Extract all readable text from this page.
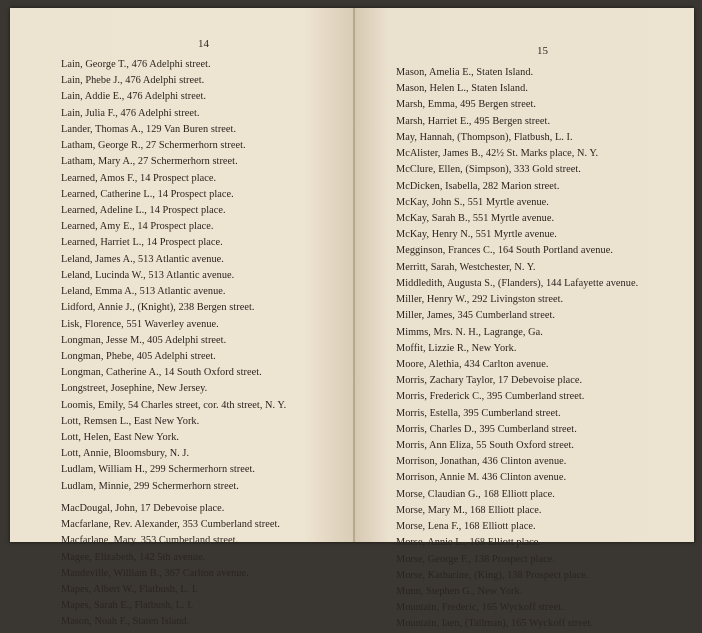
14
Lain, George T., 476 Adelphi street.
Lain, Phebe J., 476 Adelphi street.
Lain, Addie E., 476 Adelphi street.
Lain, Julia F., 476 Adelphi street.
Lander, Thomas A., 129 Van Buren street.
Latham, George R., 27 Schermerhorn street.
Latham, Mary A., 27 Schermerhorn street.
Learned, Amos F., 14 Prospect place.
Learned, Catherine L., 14 Prospect place.
Learned, Adeline L., 14 Prospect place.
Learned, Amy E., 14 Prospect place.
Learned, Harriet L., 14 Prospect place.
Leland, James A., 513 Atlantic avenue.
Leland, Lucinda W., 513 Atlantic avenue.
Leland, Emma A., 513 Atlantic avenue.
Lidford, Annie J., (Knight), 238 Bergen street.
Lisk, Florence, 551 Waverley avenue.
Longman, Jesse M., 405 Adelphi street.
Longman, Phebe, 405 Adelphi street.
Longman, Catherine A., 14 South Oxford street.
Longstreet, Josephine, New Jersey.
Loomis, Emily, 54 Charles street, cor. 4th street, N. Y.
Lott, Remsen L., East New York.
Lott, Helen, East New York.
Lott, Annie, Bloomsbury, N. J.
Ludlam, William H., 299 Schermerhorn street.
Ludlam, Minnie, 299 Schermerhorn street.
MacDougal, John, 17 Debevoise place.
Macfarlane, Rev. Alexander, 353 Cumberland street.
Macfarlane, Mary, 353 Cumberland street.
Magee, Elizabeth, 142 5th avenue.
Mandeville, William B., 367 Carlton avenue.
Mapes, Albert W., Flatbush, L. I.
Mapes, Sarah E., Flatbush, L. I.
Mason, Noah F., Staten Island.
15
Mason, Amelia E., Staten Island.
Mason, Helen L., Staten Island.
Marsh, Emma, 495 Bergen street.
Marsh, Harriet E., 495 Bergen street.
May, Hannah, (Thompson), Flatbush, L. I.
McAlister, James B., 42½ St. Marks place, N. Y.
McClure, Ellen, (Simpson), 333 Gold street.
McDicken, Isabella, 282 Marion street.
McKay, John S., 551 Myrtle avenue.
McKay, Sarah B., 551 Myrtle avenue.
McKay, Henry N., 551 Myrtle avenue.
Megginson, Frances C., 164 South Portland avenue.
Merritt, Sarah, Westchester, N. Y.
Middledith, Augusta S., (Flanders), 144 Lafayette avenue.
Miller, Henry W., 292 Livingston street.
Miller, James, 345 Cumberland street.
Mimms, Mrs. N. H., Lagrange, Ga.
Moffit, Lizzie R., New York.
Moore, Alethia, 434 Carlton avenue.
Morris, Zachary Taylor, 17 Debevoise place.
Morris, Frederick C., 395 Cumberland street.
Morris, Estella, 395 Cumberland street.
Morris, Charles D., 395 Cumberland street.
Morris, Ann Eliza, 55 South Oxford street.
Morrison, Jonathan, 436 Clinton avenue.
Morrison, Annie M. 436 Clinton avenue.
Morse, Claudian G., 168 Elliott place.
Morse, Mary M., 168 Elliott place.
Morse, Lena F., 168 Elliott place.
Morse, Annie L., 168 Elliott place.
Morse, George F., 138 Prospect place.
Morse, Katharine, (King), 138 Prospect place.
Munn, Stephen G., New York.
Mountain, Frederic, 165 Wyckoff street.
Mountain, Iaen, (Tallman), 165 Wyckoff street.
